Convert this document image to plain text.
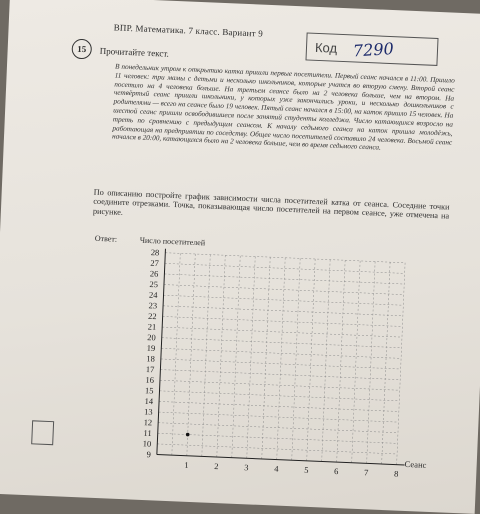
ВПР. Математика. 7 класс. Вариант 9
Код 7290
15	Прочитайте текст.
В понедельник утром к открытию катка пришли первые посетители. Первый сеанс начался в 11:00. Пришло 11 человек: три мамы с детьми и несколько школьников, которые учатся во вторую смену. Второй сеанс посетило на 4 человека больше. На третьем сеансе было на 2 человека больше, чем на втором. На четвёртый сеанс пришли школьники, у которых уже закончились уроки, и несколько дошкольников с родителями — всего на сеансе было 19 человек. Пятый сеанс начался в 15:00, на каток пришло 15 человек. На шестой сеанс пришли освободившиеся после занятий студенты колледжа. Число катающихся возросло на треть по сравнению с предыдущим сеансом. К началу седьмого сеанса на каток пришла молодёжь, работающая на предприятии по соседству. Общее число посетителей составило 24 человека. Восьмой сеанс начался в 20:00, катающихся было на 2 человека больше, чем во время седьмого сеанса.
По описанию постройте график зависимости числа посетителей катка от сеанса. Соседние точки соедините отрезками. Точка, показывающая число посетителей на первом сеансе, уже отмечена на рисунке.
Ответ:	Число посетителей
Сеанс
9
10
11
12
13
14
15
16
17
18
19
20
21
22
23
24
25
26
27
28
1	2	3	4	5	6	7	8
